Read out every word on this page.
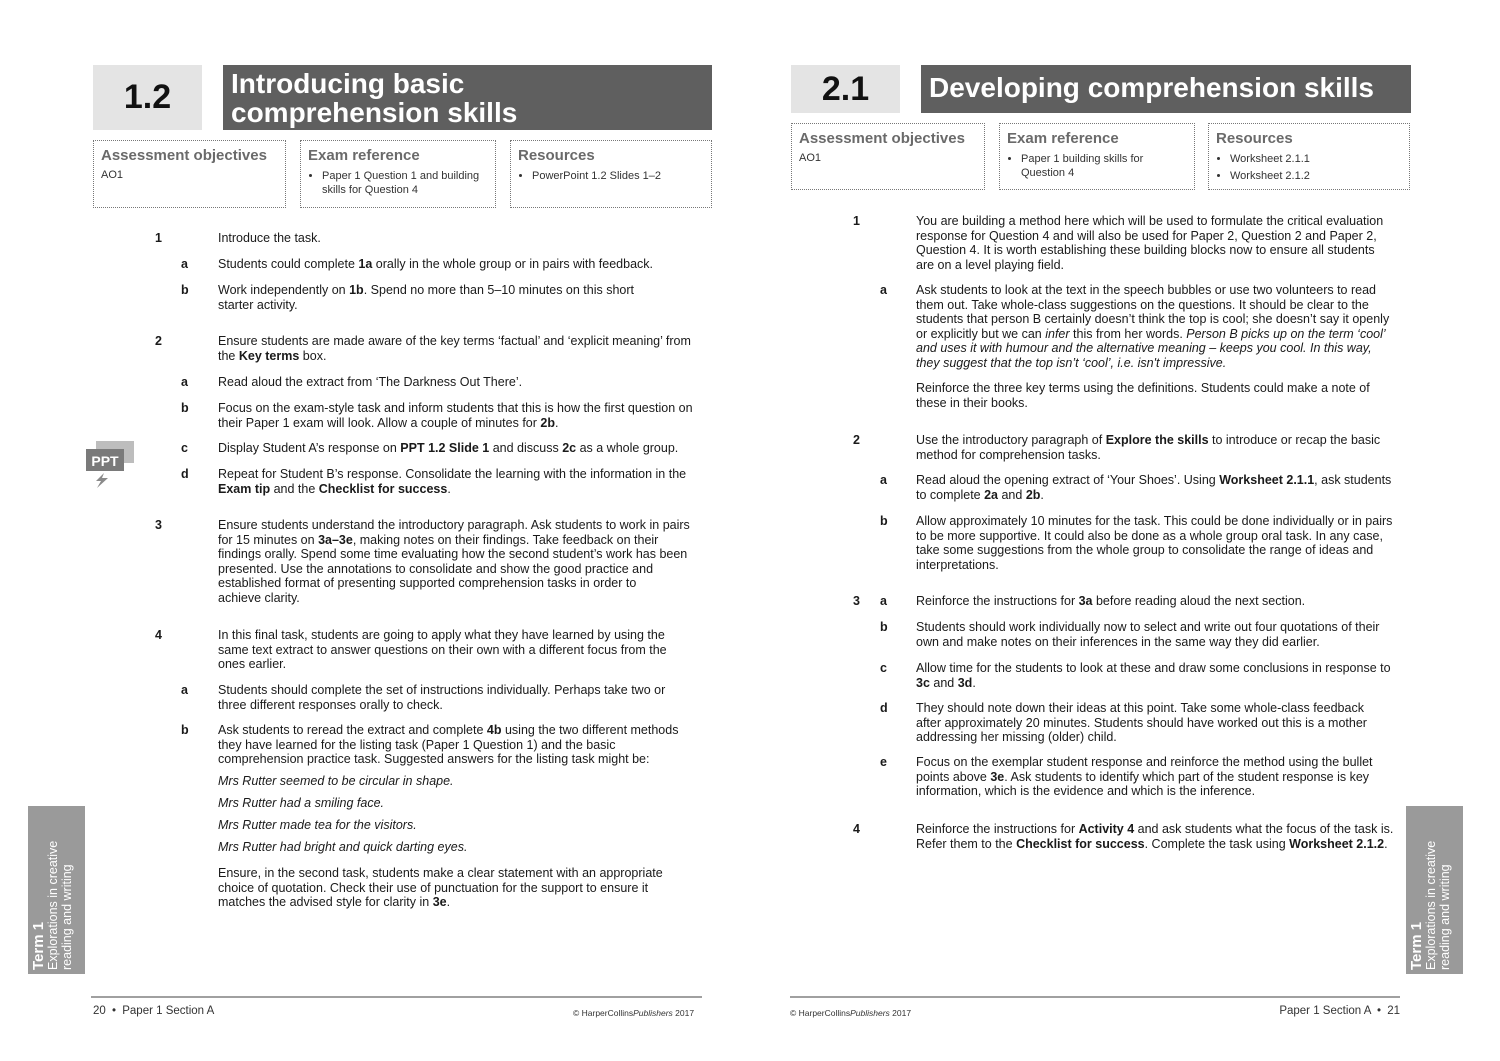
1.2 Introducing basic
comprehension skills
Assessment objectives
AO1
Exam reference
• Paper 1 Question 1 and building skills for Question 4
Resources
• PowerPoint 1.2 Slides 1–2
1	Introduce the task.
a Students could complete 1a orally in the whole group or in pairs with feedback.
b Work independently on 1b. Spend no more than 5–10 minutes on this short
starter activity.
2	Ensure students are made aware of the key terms ‘factual’ and ‘explicit meaning’ from
the Key terms box.
a Read aloud the extract from ‘The Darkness Out There’.
b Focus on the exam-style task and inform students that this is how the first question on
their Paper 1 exam will look. Allow a couple of minutes for 2b.
c Display Student A’s response on PPT 1.2 Slide 1 and discuss 2c as a whole group.
d Repeat for Student B’s response. Consolidate the learning with the information in the
Exam tip and the Checklist for success.
3	Ensure students understand the introductory paragraph. Ask students to work in pairs
for 15 minutes on 3a–3e, making notes on their findings. Take feedback on their
findings orally. Spend some time evaluating how the second student’s work has been
presented. Use the annotations to consolidate and show the good practice and
established format of presenting supported comprehension tasks in order to
achieve clarity.
4	In this final task, students are going to apply what they have learned by using the
same text extract to answer questions on their own with a different focus from the
ones earlier.
a Students should complete the set of instructions individually. Perhaps take two or
three different responses orally to check.
b Ask students to reread the extract and complete 4b using the two different methods
they have learned for the listing task (Paper 1 Question 1) and the basic
comprehension practice task. Suggested answers for the listing task might be:
Mrs Rutter seemed to be circular in shape.
Mrs Rutter had a smiling face.
Mrs Rutter made tea for the visitors.
Mrs Rutter had bright and quick darting eyes.
Ensure, in the second task, students make a clear statement with an appropriate
choice of quotation. Check their use of punctuation for the support to ensure it
matches the advised style for clarity in 3e.
PPT
Term 1 Explorations in creative reading and writing
20 • Paper 1 Section A	© HarperCollinsPublishers 2017
2.1 Developing comprehension skills
Assessment objectives
AO1
Exam reference
• Paper 1 building skills for Question 4
Resources
• Worksheet 2.1.1
• Worksheet 2.1.2
1	You are building a method here which will be used to formulate the critical evaluation
response for Question 4 and will also be used for Paper 2, Question 2 and Paper 2,
Question 4. It is worth establishing these building blocks now to ensure all students
are on a level playing field.
a Ask students to look at the text in the speech bubbles or use two volunteers to read
them out. Take whole-class suggestions on the questions. It should be clear to the
students that person B certainly doesn’t think the top is cool; she doesn’t say it openly
or explicitly but we can infer this from her words. Person B picks up on the term ‘cool’
and uses it with humour and the alternative meaning – keeps you cool. In this way,
they suggest that the top isn’t ‘cool’, i.e. isn't impressive.
Reinforce the three key terms using the definitions. Students could make a note of
these in their books.
2	Use the introductory paragraph of Explore the skills to introduce or recap the basic
method for comprehension tasks.
a Read aloud the opening extract of ‘Your Shoes’. Using Worksheet 2.1.1, ask students
to complete 2a and 2b.
b Allow approximately 10 minutes for the task. This could be done individually or in pairs
to be more supportive. It could also be done as a whole group oral task. In any case,
take some suggestions from the whole group to consolidate the range of ideas and
interpretations.
3 a Reinforce the instructions for 3a before reading aloud the next section.
b Students should work individually now to select and write out four quotations of their
own and make notes on their inferences in the same way they did earlier.
c Allow time for the students to look at these and draw some conclusions in response to
3c and 3d.
d They should note down their ideas at this point. Take some whole-class feedback
after approximately 20 minutes. Students should have worked out this is a mother
addressing her missing (older) child.
e Focus on the exemplar student response and reinforce the method using the bullet
points above 3e. Ask students to identify which part of the student response is key
information, which is the evidence and which is the inference.
4	Reinforce the instructions for Activity 4 and ask students what the focus of the task is.
Refer them to the Checklist for success. Complete the task using Worksheet 2.1.2.
Term 1 Explorations in creative reading and writing
© HarperCollinsPublishers 2017	Paper 1 Section A • 21
